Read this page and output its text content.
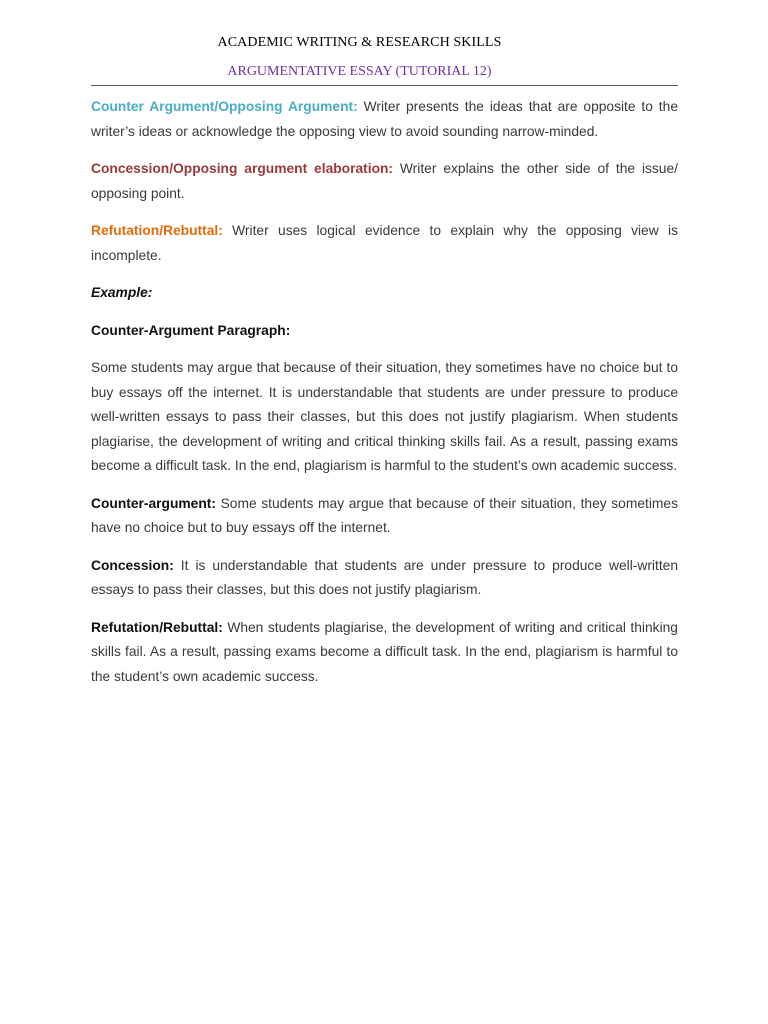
ACADEMIC WRITING & RESEARCH SKILLS
ARGUMENTATIVE ESSAY (TUTORIAL 12)

Counter Argument/Opposing Argument: Writer presents the ideas that are opposite to the writer’s ideas or acknowledge the opposing view to avoid sounding narrow-minded.

Concession/Opposing argument elaboration: Writer explains the other side of the issue/ opposing point.

Refutation/Rebuttal: Writer uses logical evidence to explain why the opposing view is incomplete.

Example:

Counter-Argument Paragraph:

Some students may argue that because of their situation, they sometimes have no choice but to buy essays off the internet. It is understandable that students are under pressure to produce well-written essays to pass their classes, but this does not justify plagiarism. When students plagiarise, the development of writing and critical thinking skills fail. As a result, passing exams become a difficult task. In the end, plagiarism is harmful to the student’s own academic success.

Counter-argument: Some students may argue that because of their situation, they sometimes have no choice but to buy essays off the internet.

Concession: It is understandable that students are under pressure to produce well-written essays to pass their classes, but this does not justify plagiarism.

Refutation/Rebuttal: When students plagiarise, the development of writing and critical thinking skills fail. As a result, passing exams become a difficult task. In the end, plagiarism is harmful to the student’s own academic success.
